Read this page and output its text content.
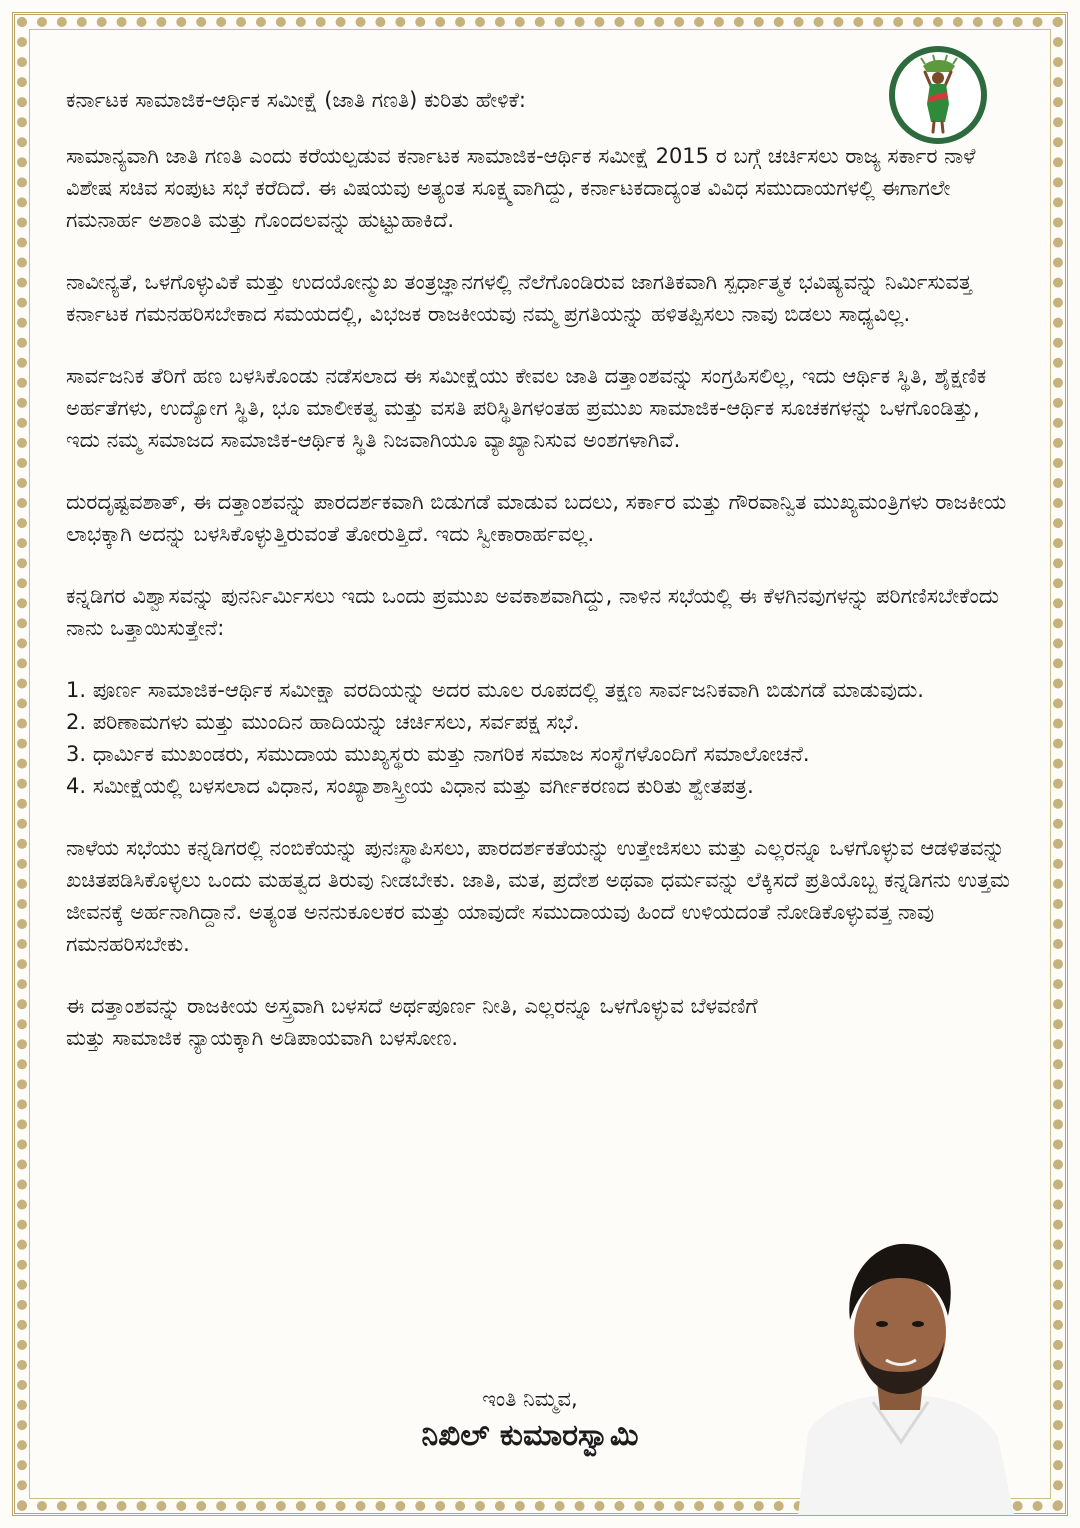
ಕರ್ನಾಟಕ ಸಾಮಾಜಿಕ-ಆರ್ಥಿಕ ಸಮೀಕ್ಷೆ (ಜಾತಿ ಗಣತಿ) ಕುರಿತು ಹೇಳಿಕೆ:

ಸಾಮಾನ್ಯವಾಗಿ ಜಾತಿ ಗಣತಿ ಎಂದು ಕರೆಯಲ್ಪಡುವ ಕರ್ನಾಟಕ ಸಾಮಾಜಿಕ-ಆರ್ಥಿಕ ಸಮೀಕ್ಷೆ 2015 ರ ಬಗ್ಗೆ ಚರ್ಚಿಸಲು ರಾಜ್ಯ ಸರ್ಕಾರ ನಾಳೆ ವಿಶೇಷ ಸಚಿವ ಸಂಪುಟ ಸಭೆ ಕರೆದಿದೆ. ಈ ವಿಷಯವು ಅತ್ಯಂತ ಸೂಕ್ಷ್ಮವಾಗಿದ್ದು, ಕರ್ನಾಟಕದಾದ್ಯಂತ ವಿವಿಧ ಸಮುದಾಯಗಳಲ್ಲಿ ಈಗಾಗಲೇ ಗಮನಾರ್ಹ ಅಶಾಂತಿ ಮತ್ತು ಗೊಂದಲವನ್ನು ಹುಟ್ಟುಹಾಕಿದೆ.

ನಾವೀನ್ಯತೆ, ಒಳಗೊಳ್ಳುವಿಕೆ ಮತ್ತು ಉದಯೋನ್ಮುಖ ತಂತ್ರಜ್ಞಾನಗಳಲ್ಲಿ ನೆಲೆಗೊಂಡಿರುವ ಜಾಗತಿಕವಾಗಿ ಸ್ಪರ್ಧಾತ್ಮಕ ಭವಿಷ್ಯವನ್ನು ನಿರ್ಮಿಸುವತ್ತ ಕರ್ನಾಟಕ ಗಮನಹರಿಸಬೇಕಾದ ಸಮಯದಲ್ಲಿ, ವಿಭಜಕ ರಾಜಕೀಯವು ನಮ್ಮ ಪ್ರಗತಿಯನ್ನು ಹಳಿತಪ್ಪಿಸಲು ನಾವು ಬಿಡಲು ಸಾಧ್ಯವಿಲ್ಲ.

ಸಾರ್ವಜನಿಕ ತೆರಿಗೆ ಹಣ ಬಳಸಿಕೊಂಡು ನಡೆಸಲಾದ ಈ ಸಮೀಕ್ಷೆಯು ಕೇವಲ ಜಾತಿ ದತ್ತಾಂಶವನ್ನು ಸಂಗ್ರಹಿಸಲಿಲ್ಲ, ಇದು ಆರ್ಥಿಕ ಸ್ಥಿತಿ, ಶೈಕ್ಷಣಿಕ ಅರ್ಹತೆಗಳು, ಉದ್ಯೋಗ ಸ್ಥಿತಿ, ಭೂ ಮಾಲೀಕತ್ವ ಮತ್ತು ವಸತಿ ಪರಿಸ್ಥಿತಿಗಳಂತಹ ಪ್ರಮುಖ ಸಾಮಾಜಿಕ-ಆರ್ಥಿಕ ಸೂಚಕಗಳನ್ನು ಒಳಗೊಂಡಿತ್ತು, ಇದು ನಮ್ಮ ಸಮಾಜದ ಸಾಮಾಜಿಕ-ಆರ್ಥಿಕ ಸ್ಥಿತಿ ನಿಜವಾಗಿಯೂ ವ್ಯಾಖ್ಯಾನಿಸುವ ಅಂಶಗಳಾಗಿವೆ.

ದುರದೃಷ್ಟವಶಾತ್, ಈ ದತ್ತಾಂಶವನ್ನು ಪಾರದರ್ಶಕವಾಗಿ ಬಿಡುಗಡೆ ಮಾಡುವ ಬದಲು, ಸರ್ಕಾರ ಮತ್ತು ಗೌರವಾನ್ವಿತ ಮುಖ್ಯಮಂತ್ರಿಗಳು ರಾಜಕೀಯ ಲಾಭಕ್ಕಾಗಿ ಅದನ್ನು ಬಳಸಿಕೊಳ್ಳುತ್ತಿರುವಂತೆ ತೋರುತ್ತಿದೆ. ಇದು ಸ್ವೀಕಾರಾರ್ಹವಲ್ಲ.

ಕನ್ನಡಿಗರ ವಿಶ್ವಾಸವನ್ನು ಪುನರ್ನಿರ್ಮಿಸಲು ಇದು ಒಂದು ಪ್ರಮುಖ ಅವಕಾಶವಾಗಿದ್ದು, ನಾಳಿನ ಸಭೆಯಲ್ಲಿ ಈ ಕೆಳಗಿನವುಗಳನ್ನು ಪರಿಗಣಿಸಬೇಕೆಂದು ನಾನು ಒತ್ತಾಯಿಸುತ್ತೇನೆ:

1. ಪೂರ್ಣ ಸಾಮಾಜಿಕ-ಆರ್ಥಿಕ ಸಮೀಕ್ಷಾ ವರದಿಯನ್ನು ಅದರ ಮೂಲ ರೂಪದಲ್ಲಿ ತಕ್ಷಣ ಸಾರ್ವಜನಿಕವಾಗಿ ಬಿಡುಗಡೆ ಮಾಡುವುದು.

2. ಪರಿಣಾಮಗಳು ಮತ್ತು ಮುಂದಿನ ಹಾದಿಯನ್ನು ಚರ್ಚಿಸಲು, ಸರ್ವಪಕ್ಷ ಸಭೆ.

3. ಧಾರ್ಮಿಕ ಮುಖಂಡರು, ಸಮುದಾಯ ಮುಖ್ಯಸ್ಥರು ಮತ್ತು ನಾಗರಿಕ ಸಮಾಜ ಸಂಸ್ಥೆಗಳೊಂದಿಗೆ ಸಮಾಲೋಚನೆ.

4. ಸಮೀಕ್ಷೆಯಲ್ಲಿ ಬಳಸಲಾದ ವಿಧಾನ, ಸಂಖ್ಯಾಶಾಸ್ತ್ರೀಯ ವಿಧಾನ ಮತ್ತು ವರ್ಗೀಕರಣದ ಕುರಿತು ಶ್ವೇತಪತ್ರ.

ನಾಳೆಯ ಸಭೆಯು ಕನ್ನಡಿಗರಲ್ಲಿ ನಂಬಿಕೆಯನ್ನು ಪುನಃಸ್ಥಾಪಿಸಲು, ಪಾರದರ್ಶಕತೆಯನ್ನು ಉತ್ತೇಜಿಸಲು ಮತ್ತು ಎಲ್ಲರನ್ನೂ ಒಳಗೊಳ್ಳುವ ಆಡಳಿತವನ್ನು ಖಚಿತಪಡಿಸಿಕೊಳ್ಳಲು ಒಂದು ಮಹತ್ವದ ತಿರುವು ನೀಡಬೇಕು. ಜಾತಿ, ಮತ, ಪ್ರದೇಶ ಅಥವಾ ಧರ್ಮವನ್ನು ಲೆಕ್ಕಿಸದೆ ಪ್ರತಿಯೊಬ್ಬ ಕನ್ನಡಿಗನು ಉತ್ತಮ ಜೀವನಕ್ಕೆ ಅರ್ಹನಾಗಿದ್ದಾನೆ. ಅತ್ಯಂತ ಅನನುಕೂಲಕರ ಮತ್ತು ಯಾವುದೇ ಸಮುದಾಯವು ಹಿಂದೆ ಉಳಿಯದಂತೆ ನೋಡಿಕೊಳ್ಳುವತ್ತ ನಾವು ಗಮನಹರಿಸಬೇಕು.

ಈ ದತ್ತಾಂಶವನ್ನು ರಾಜಕೀಯ ಅಸ್ತ್ರವಾಗಿ ಬಳಸದೆ ಅರ್ಥಪೂರ್ಣ ನೀತಿ, ಎಲ್ಲರನ್ನೂ ಒಳಗೊಳ್ಳುವ ಬೆಳವಣಿಗೆ ಮತ್ತು ಸಾಮಾಜಿಕ ನ್ಯಾಯಕ್ಕಾಗಿ ಅಡಿಪಾಯವಾಗಿ ಬಳಸೋಣ.

ಇಂತಿ ನಿಮ್ಮವ,
ನಿಖಿಲ್ ಕುಮಾರಸ್ವಾಮಿ
